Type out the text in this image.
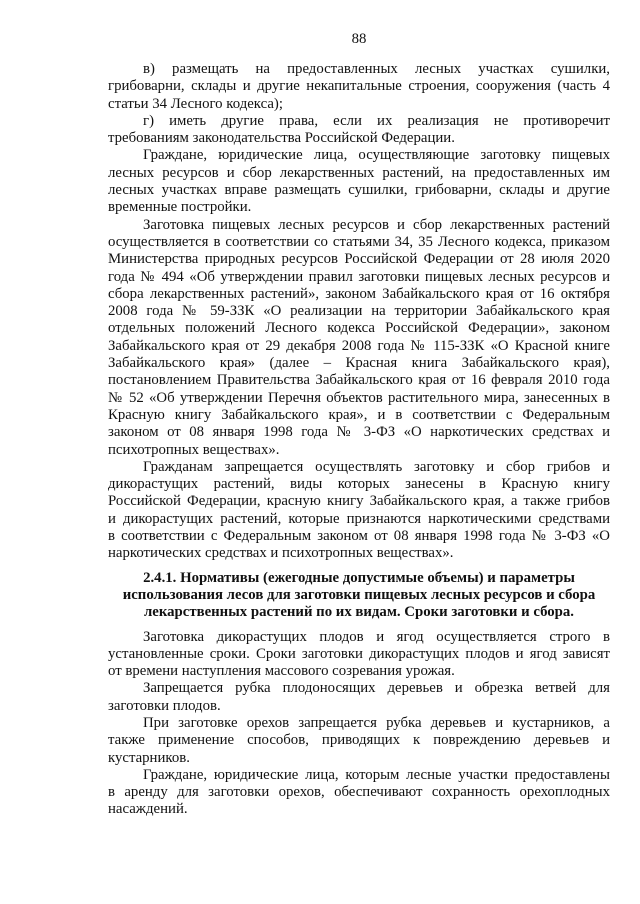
88
в) размещать на предоставленных лесных участках сушилки,
грибоварни, склады и другие некапитальные строения, сооружения (часть 4
статьи 34 Лесного кодекса);
г) иметь другие права, если их реализация не противоречит
требованиям законодательства Российской Федерации.
Граждане, юридические лица, осуществляющие заготовку пищевых
лесных ресурсов и сбор лекарственных растений, на предоставленных им
лесных участках вправе размещать сушилки, грибоварни, склады и другие
временные постройки.
Заготовка пищевых лесных ресурсов и сбор лекарственных растений
осуществляется в соответствии со статьями 34, 35 Лесного кодекса, приказом
Министерства природных ресурсов Российской Федерации от 28 июля 2020
года № 494 «Об утверждении правил заготовки пищевых лесных ресурсов и
сбора лекарственных растений», законом Забайкальского края от 16 октября
2008 года № 59-ЗЗК «О реализации на территории Забайкальского края
отдельных положений Лесного кодекса Российской Федерации», законом
Забайкальского края от 29 декабря 2008 года № 115-ЗЗК «О Красной книге
Забайкальского края» (далее – Красная книга Забайкальского края),
постановлением Правительства Забайкальского края от 16 февраля 2010 года
№ 52 «Об утверждении Перечня объектов растительного мира, занесенных в
Красную книгу Забайкальского края», и в соответствии с Федеральным
законом от 08 января 1998 года № 3-ФЗ «О наркотических средствах и
психотропных веществах».
Гражданам запрещается осуществлять заготовку и сбор грибов и
дикорастущих растений, виды которых занесены в Красную книгу
Российской Федерации, красную книгу Забайкальского края, а также грибов
и дикорастущих растений, которые признаются наркотическими средствами
в соответствии с Федеральным законом от 08 января 1998 года № 3-ФЗ «О
наркотических средствах и психотропных веществах».
2.4.1. Нормативы (ежегодные допустимые объемы) и параметры
использования лесов для заготовки пищевых лесных ресурсов и сбора
лекарственных растений по их видам. Сроки заготовки и сбора.
Заготовка дикорастущих плодов и ягод осуществляется строго в
установленные сроки. Сроки заготовки дикорастущих плодов и ягод зависят
от времени наступления массового созревания урожая.
Запрещается рубка плодоносящих деревьев и обрезка ветвей для
заготовки плодов.
При заготовке орехов запрещается рубка деревьев и кустарников, а
также применение способов, приводящих к повреждению деревьев и
кустарников.
Граждане, юридические лица, которым лесные участки предоставлены
в аренду для заготовки орехов, обеспечивают сохранность орехоплодных
насаждений.
